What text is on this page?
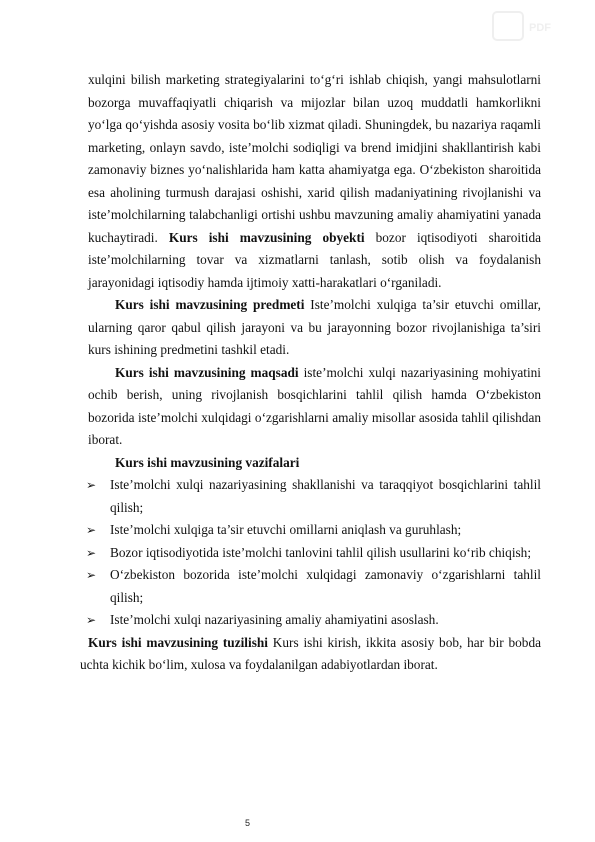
PDF

xulqini bilish marketing strategiyalarini to‘g‘ri ishlab chiqish, yangi mahsulotlarni bozorga muvaffaqiyatli chiqarish va mijozlar bilan uzoq muddatli hamkorlikni yo‘lga qo‘yishda asosiy vosita bo‘lib xizmat qiladi. Shuningdek, bu nazariya raqamli marketing, onlayn savdo, iste’molchi sodiqligi va brend imidjini shakllantirish kabi zamonaviy biznes yo‘nalishlarida ham katta ahamiyatga ega. O‘zbekiston sharoitida esa aholining turmush darajasi oshishi, xarid qilish madaniyatining rivojlanishi va iste’molchilarning talabchanligi ortishi ushbu mavzuning amaliy ahamiyatini yanada kuchaytiradi. Kurs ishi mavzusining obyekti bozor iqtisodiyoti sharoitida iste’molchilarning tovar va xizmatlarni tanlash, sotib olish va foydalanish jarayonidagi iqtisodiy hamda ijtimoiy xatti-harakatlari o‘rganiladi.

Kurs ishi mavzusining predmeti Iste’molchi xulqiga ta’sir etuvchi omillar, ularning qaror qabul qilish jarayoni va bu jarayonning bozor rivojlanishiga ta’siri kurs ishining predmetini tashkil etadi.

Kurs ishi mavzusining maqsadi iste’molchi xulqi nazariyasining mohiyatini ochib berish, uning rivojlanish bosqichlarini tahlil qilish hamda O‘zbekiston bozorida iste’molchi xulqidagi o‘zgarishlarni amaliy misollar asosida tahlil qilishdan iborat.

Kurs ishi mavzusining vazifalari

➢ Iste’molchi xulqi nazariyasining shakllanishi va taraqqiyot bosqichlarini tahlil qilish;
➢ Iste’molchi xulqiga ta’sir etuvchi omillarni aniqlash va guruhlash;
➢ Bozor iqtisodiyotida iste’molchi tanlovini tahlil qilish usullarini ko‘rib chiqish;
➢ O‘zbekiston bozorida iste’molchi xulqidagi zamonaviy o‘zgarishlarni tahlil qilish;
➢ Iste’molchi xulqi nazariyasining amaliy ahamiyatini asoslash.

Kurs ishi mavzusining tuzilishi Kurs ishi kirish, ikkita asosiy bob, har bir bobda uchta kichik bo‘lim, xulosa va foydalanilgan adabiyotlardan iborat.

5
